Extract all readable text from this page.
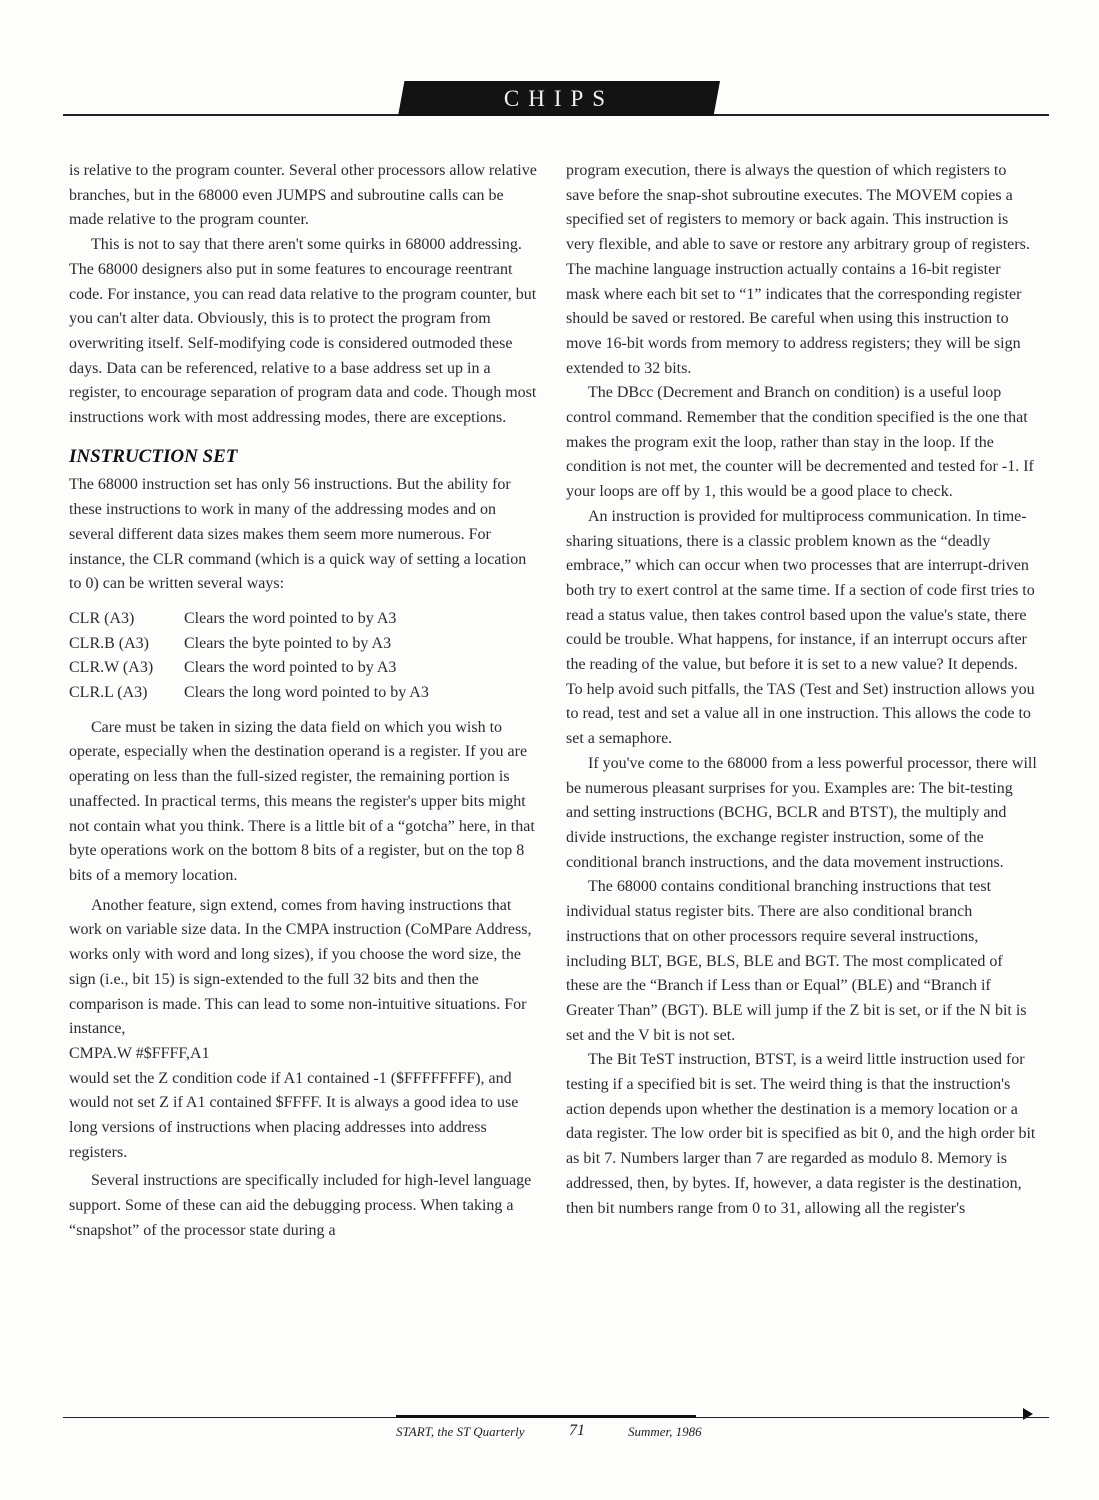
CHIPS

is relative to the program counter. Several other processors allow relative branches, but in the 68000 even JUMPS and subroutine calls can be made relative to the program counter.

This is not to say that there aren't some quirks in 68000 addressing. The 68000 designers also put in some features to encourage reentrant code. For instance, you can read data relative to the program counter, but you can't alter data. Obviously, this is to protect the program from overwriting itself. Self-modifying code is considered outmoded these days. Data can be referenced, relative to a base address set up in a register, to encourage separation of program data and code. Though most instructions work with most addressing modes, there are exceptions.

INSTRUCTION SET

The 68000 instruction set has only 56 instructions. But the ability for these instructions to work in many of the addressing modes and on several different data sizes makes them seem more numerous. For instance, the CLR command (which is a quick way of setting a location to 0) can be written several ways:

CLR (A3)	Clears the word pointed to by A3
CLR.B (A3)	Clears the byte pointed to by A3
CLR.W (A3)	Clears the word pointed to by A3
CLR.L (A3)	Clears the long word pointed to by A3

Care must be taken in sizing the data field on which you wish to operate, especially when the destination operand is a register. If you are operating on less than the full-sized register, the remaining portion is unaffected. In practical terms, this means the register's upper bits might not contain what you think. There is a little bit of a “gotcha” here, in that byte operations work on the bottom 8 bits of a register, but on the top 8 bits of a memory location.

Another feature, sign extend, comes from having instructions that work on variable size data. In the CMPA instruction (CoMPare Address, works only with word and long sizes), if you choose the word size, the sign (i.e., bit 15) is sign-extended to the full 32 bits and then the comparison is made. This can lead to some non-intuitive situations. For instance,

CMPA.W #$FFFF,A1

would set the Z condition code if A1 contained -1 ($FFFFFFFF), and would not set Z if A1 contained $FFFF. It is always a good idea to use long versions of instructions when placing addresses into address registers.

Several instructions are specifically included for high-level language support. Some of these can aid the debugging process. When taking a “snapshot” of the processor state during a

program execution, there is always the question of which registers to save before the snap-shot subroutine executes. The MOVEM copies a specified set of registers to memory or back again. This instruction is very flexible, and able to save or restore any arbitrary group of registers. The machine language instruction actually contains a 16-bit register mask where each bit set to “1” indicates that the corresponding register should be saved or restored. Be careful when using this instruction to move 16-bit words from memory to address registers; they will be sign extended to 32 bits.

The DBcc (Decrement and Branch on condition) is a useful loop control command. Remember that the condition specified is the one that makes the program exit the loop, rather than stay in the loop. If the condition is not met, the counter will be decremented and tested for -1. If your loops are off by 1, this would be a good place to check.

An instruction is provided for multiprocess communication. In time-sharing situations, there is a classic problem known as the “deadly embrace,” which can occur when two processes that are interrupt-driven both try to exert control at the same time. If a section of code first tries to read a status value, then takes control based upon the value's state, there could be trouble. What happens, for instance, if an interrupt occurs after the reading of the value, but before it is set to a new value? It depends. To help avoid such pitfalls, the TAS (Test and Set) instruction allows you to read, test and set a value all in one instruction. This allows the code to set a semaphore.

If you've come to the 68000 from a less powerful processor, there will be numerous pleasant surprises for you. Examples are: The bit-testing and setting instructions (BCHG, BCLR and BTST), the multiply and divide instructions, the exchange register instruction, some of the conditional branch instructions, and the data movement instructions.

The 68000 contains conditional branching instructions that test individual status register bits. There are also conditional branch instructions that on other processors require several instructions, including BLT, BGE, BLS, BLE and BGT. The most complicated of these are the “Branch if Less than or Equal” (BLE) and “Branch if Greater Than” (BGT). BLE will jump if the Z bit is set, or if the N bit is set and the V bit is not set.

The Bit TeST instruction, BTST, is a weird little instruction used for testing if a specified bit is set. The weird thing is that the instruction's action depends upon whether the destination is a memory location or a data register. The low order bit is specified as bit 0, and the high order bit as bit 7. Numbers larger than 7 are regarded as modulo 8. Memory is addressed, then, by bytes. If, however, a data register is the destination, then bit numbers range from 0 to 31, allowing all the register's

START, the ST Quarterly	71	Summer, 1986
